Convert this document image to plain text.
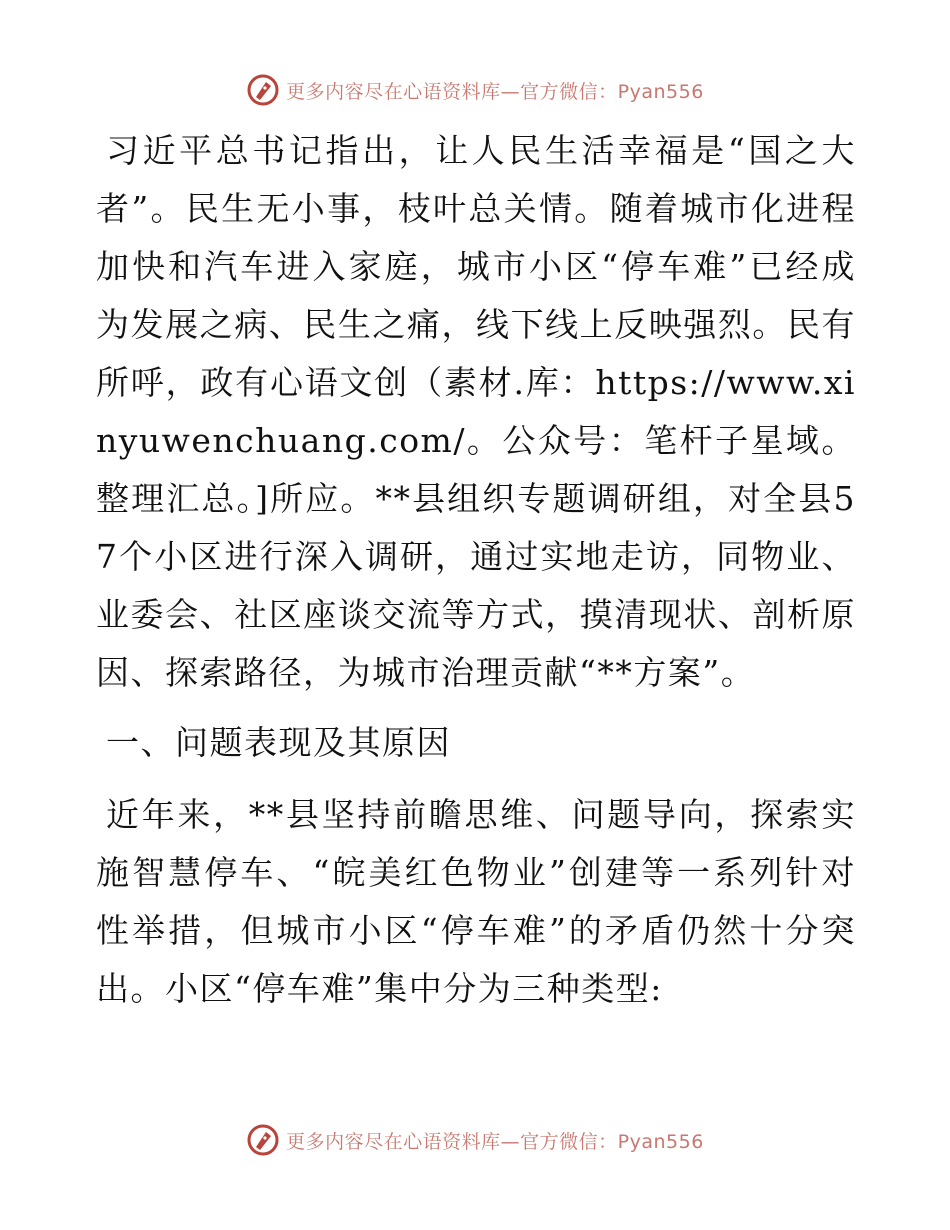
更多内容尽在心语资料库—官方微信：Pyan556

习近平总书记指出，让人民生活幸福是“国之大者”。民生无小事，枝叶总关情。随着城市化进程加快和汽车进入家庭，城市小区“停车难”已经成为发展之病、民生之痛，线下线上反映强烈。民有所呼，政有心语文创（素材.库：https://www.xinyuwenchuang.com/。公众号：笔杆子星域。整理汇总。]所应。**县组织专题调研组，对全县57个小区进行深入调研，通过实地走访，同物业、业委会、社区座谈交流等方式，摸清现状、剖析原因、探索路径，为城市治理贡献“**方案”。

一、问题表现及其原因

近年来，**县坚持前瞻思维、问题导向，探索实施智慧停车、“皖美红色物业”创建等一系列针对性举措，但城市小区“停车难”的矛盾仍然十分突出。小区“停车难”集中分为三种类型:

更多内容尽在心语资料库—官方微信：Pyan556
